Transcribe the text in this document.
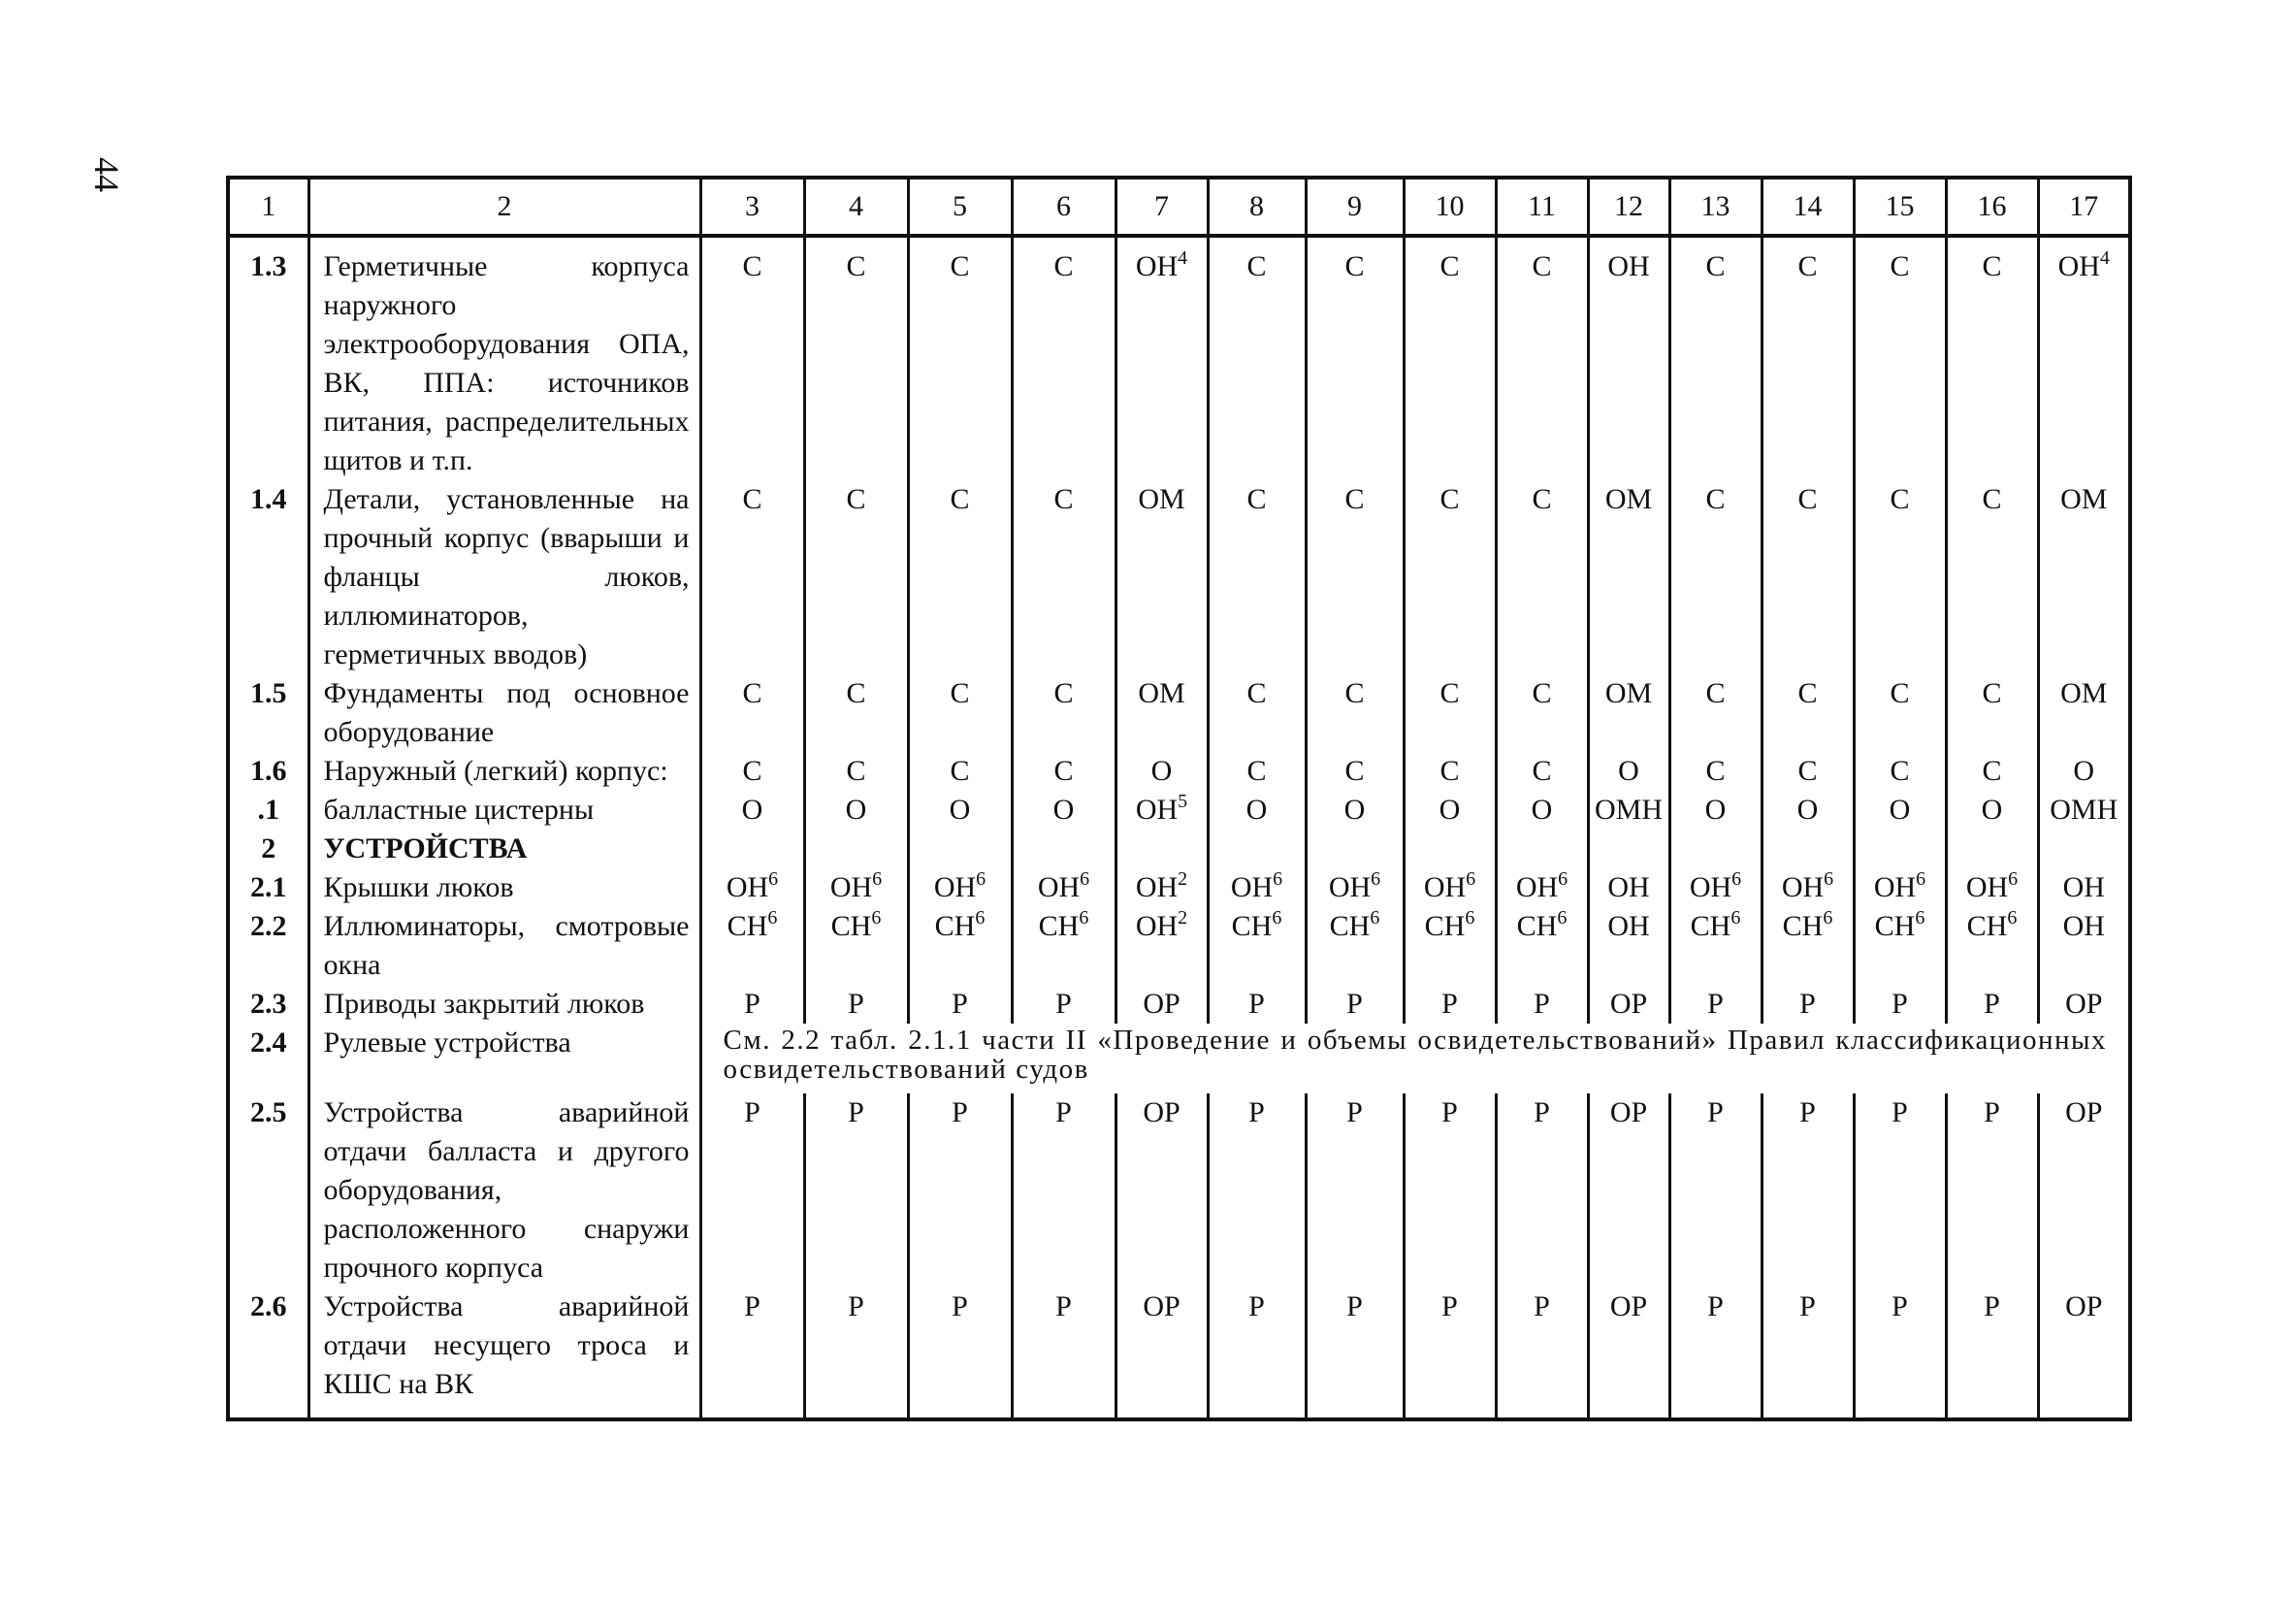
44
1	2	3	4	5	6	7	8	9	10	11	12	13	14	15	16	17
1.3	Герметичные корпуса наружного электрооборудования ОПА, ВК, ППА: источников питания, распределительных щитов и т.п.	С	С	С	С	$ОН^4$	С	С	С	С	ОН	С	С	С	С	$ОН^4$
1.4	Детали, установленные на прочный корпус (вварыши и фланцы люков, иллюминаторов, герметичных вводов)	С	С	С	С	ОМ	С	С	С	С	ОМ	С	С	С	С	ОМ
1.5	Фундаменты под основное оборудование	С	С	С	С	ОМ	С	С	С	С	ОМ	С	С	С	С	ОМ
1.6	Наружный (легкий) корпус:	С	С	С	С	О	С	С	С	С	О	С	С	С	С	О
.1	балластные цистерны	О	О	О	О	$ОН^5$	О	О	О	О	ОМН	О	О	О	О	ОМН
2	УСТРОЙСТВА															
2.1	Крышки люков	$ОН^6$	$ОН^6$	$ОН^6$	$ОН^6$	$ОН^2$	$ОН^6$	$ОН^6$	$ОН^6$	$ОН^6$	ОН	$ОН^6$	$ОН^6$	$ОН^6$	$ОН^6$	ОН
2.2	Иллюминаторы, смотровые окна	$СН^6$	$СН^6$	$СН^6$	$СН^6$	$ОН^2$	$СН^6$	$СН^6$	$СН^6$	$СН^6$	ОН	$СН^6$	$СН^6$	$СН^6$	$СН^6$	ОН
2.3	Приводы закрытий люков	Р	Р	Р	Р	ОР	Р	Р	Р	Р	ОР	Р	Р	Р	Р	ОР
2.4	Рулевые устройства	См. 2.2 табл. 2.1.1 части II «Проведение и объемы освидетельствований» Правил классификационных освидетельствований судов														
2.5	Устройства аварийной отдачи балласта и другого оборудования, расположенного снаружи прочного корпуса	Р	Р	Р	Р	ОР	Р	Р	Р	Р	ОР	Р	Р	Р	Р	ОР
2.6	Устройства аварийной отдачи несущего троса и КШС на ВК	Р	Р	Р	Р	ОР	Р	Р	Р	Р	ОР	Р	Р	Р	Р	ОР
